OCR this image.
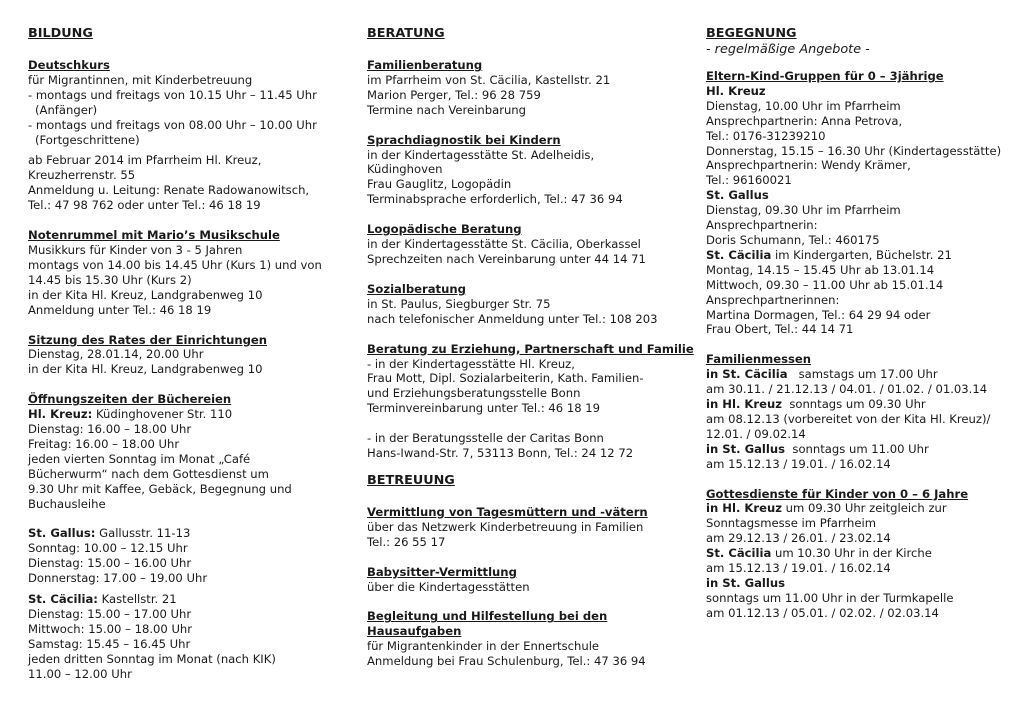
BILDUNG
Deutschkurs
für Migrantinnen, mit Kinderbetreuung
- montags und freitags von 10.15 Uhr – 11.45 Uhr
(Anfänger)
- montags und freitags von 08.00 Uhr – 10.00 Uhr
(Fortgeschrittene)
ab Februar 2014 im Pfarrheim Hl. Kreuz,
Kreuzherrenstr. 55
Anmeldung u. Leitung: Renate Radowanowitsch,
Tel.: 47 98 762 oder unter Tel.: 46 18 19
Notenrummel mit Mario’s Musikschule
Musikkurs für Kinder von 3 - 5 Jahren
montags von 14.00 bis 14.45 Uhr (Kurs 1) und von
14.45 bis 15.30 Uhr (Kurs 2)
in der Kita Hl. Kreuz, Landgrabenweg 10
Anmeldung unter Tel.: 46 18 19
Sitzung des Rates der Einrichtungen
Dienstag, 28.01.14, 20.00 Uhr
in der Kita Hl. Kreuz, Landgrabenweg 10
Öffnungszeiten der Büchereien
Hl. Kreuz: Küdinghovener Str. 110
Dienstag: 16.00 – 18.00 Uhr
Freitag: 16.00 – 18.00 Uhr
jeden vierten Sonntag im Monat „Café
Bücherwurm“ nach dem Gottesdienst um
9.30 Uhr mit Kaffee, Gebäck, Begegnung und
Buchausleihe
St. Gallus: Gallusstr. 11-13
Sonntag: 10.00 – 12.15 Uhr
Dienstag: 15.00 – 16.00 Uhr
Donnerstag: 17.00 – 19.00 Uhr
St. Cäcilia: Kastellstr. 21
Dienstag: 15.00 – 17.00 Uhr
Mittwoch: 15.00 – 18.00 Uhr
Samstag: 15.45 – 16.45 Uhr
jeden dritten Sonntag im Monat (nach KIK)
11.00 – 12.00 Uhr
BERATUNG
Familienberatung
im Pfarrheim von St. Cäcilia, Kastellstr. 21
Marion Perger, Tel.: 96 28 759
Termine nach Vereinbarung
Sprachdiagnostik bei Kindern
in der Kindertagesstätte St. Adelheidis,
Küdinghoven
Frau Gauglitz, Logopädin
Terminabsprache erforderlich, Tel.: 47 36 94
Logopädische Beratung
in der Kindertagesstätte St. Cäcilia, Oberkassel
Sprechzeiten nach Vereinbarung unter 44 14 71
Sozialberatung
in St. Paulus, Siegburger Str. 75
nach telefonischer Anmeldung unter Tel.: 108 203
Beratung zu Erziehung, Partnerschaft und Familie
- in der Kindertagesstätte Hl. Kreuz,
Frau Mott, Dipl. Sozialarbeiterin, Kath. Familien-
und Erziehungsberatungsstelle Bonn
Terminvereinbarung unter Tel.: 46 18 19
- in der Beratungsstelle der Caritas Bonn
Hans-Iwand-Str. 7, 53113 Bonn, Tel.: 24 12 72
BETREUUNG
Vermittlung von Tagesmüttern und -vätern
über das Netzwerk Kinderbetreuung in Familien
Tel.: 26 55 17
Babysitter-Vermittlung
über die Kindertagesstätten
Begleitung und Hilfestellung bei den
Hausaufgaben
für Migrantenkinder in der Ennertschule
Anmeldung bei Frau Schulenburg, Tel.: 47 36 94
BEGEGNUNG
- regelmäßige Angebote -
Eltern-Kind-Gruppen für 0 – 3jährige
Hl. Kreuz
Dienstag, 10.00 Uhr im Pfarrheim
Ansprechpartnerin: Anna Petrova,
Tel.: 0176-31239210
Donnerstag, 15.15 – 16.30 Uhr (Kindertagesstätte)
Ansprechpartnerin: Wendy Krämer,
Tel.: 96160021
St. Gallus
Dienstag, 09.30 Uhr im Pfarrheim
Ansprechpartnerin:
Doris Schumann, Tel.: 460175
St. Cäcilia im Kindergarten, Büchelstr. 21
Montag, 14.15 – 15.45 Uhr ab 13.01.14
Mittwoch, 09.30 – 11.00 Uhr ab 15.01.14
Ansprechpartnerinnen:
Martina Dormagen, Tel.: 64 29 94 oder
Frau Obert, Tel.: 44 14 71
Familienmessen
in St. Cäcilia   samstags um 17.00 Uhr
am 30.11. / 21.12.13 / 04.01. / 01.02. / 01.03.14
in Hl. Kreuz  sonntags um 09.30 Uhr
am 08.12.13 (vorbereitet von der Kita Hl. Kreuz)/
12.01. / 09.02.14
in St. Gallus  sonntags um 11.00 Uhr
am 15.12.13 / 19.01. / 16.02.14
Gottesdienste für Kinder von 0 – 6 Jahre
in Hl. Kreuz um 09.30 Uhr zeitgleich zur
Sonntagsmesse im Pfarrheim
am 29.12.13 / 26.01. / 23.02.14
St. Cäcilia um 10.30 Uhr in der Kirche
am 15.12.13 / 19.01. / 16.02.14
in St. Gallus
sonntags um 11.00 Uhr in der Turmkapelle
am 01.12.13 / 05.01. / 02.02. / 02.03.14
